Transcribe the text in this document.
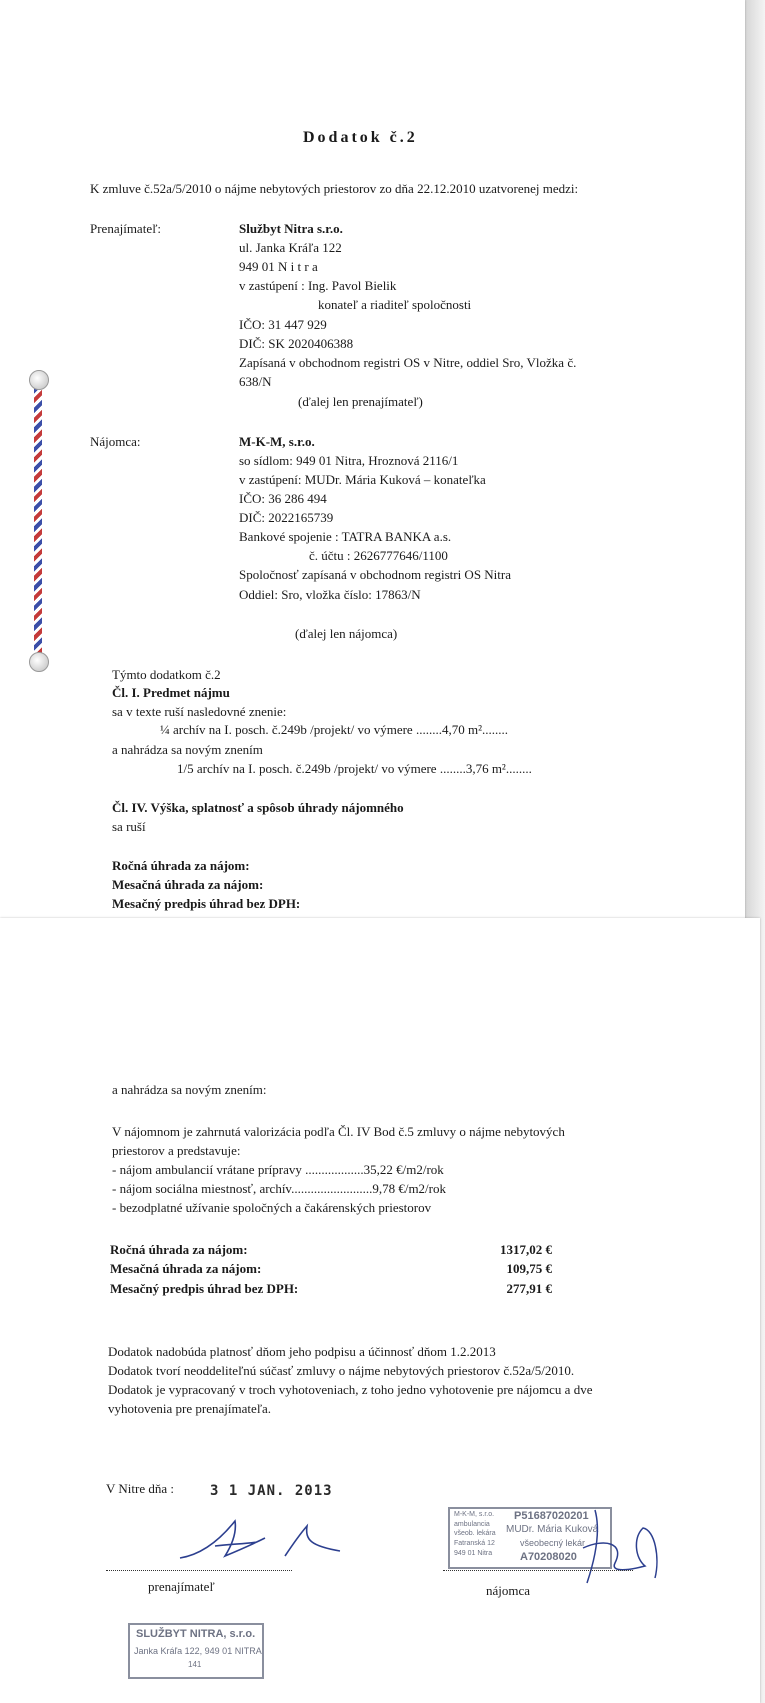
Dodatok č.2
K zmluve č.52a/5/2010 o nájme nebytových priestorov zo dňa 22.12.2010 uzatvorenej medzi:
Prenajímateľ:	Službyt Nitra s.r.o.
ul. Janka Kráľa 122
949 01 N i t r a
v zastúpení : Ing. Pavol Bielik
konateľ a riaditeľ spoločnosti
IČO: 31 447 929
DIČ: SK 2020406388
Zapísaná v obchodnom registri OS v Nitre, oddiel Sro, Vložka č.
638/N
(ďalej len prenajímateľ)
Nájomca:	M-K-M, s.r.o.
so sídlom: 949 01 Nitra, Hroznová 2116/1
v zastúpení: MUDr. Mária Kuková – konateľka
IČO: 36 286 494
DIČ: 2022165739
Bankové spojenie : TATRA BANKA a.s.
č. účtu : 2626777646/1100
Spoločnosť zapísaná v obchodnom registri OS Nitra
Oddiel: Sro, vložka číslo: 17863/N
(ďalej len nájomca)
Týmto dodatkom č.2
Čl. I. Predmet nájmu
sa v texte ruší nasledovné znenie:
¼ archív na I. posch. č.249b /projekt/ vo výmere ........4,70 m²........
a nahrádza sa novým znením
1/5 archív na I. posch. č.249b /projekt/ vo výmere ........3,76 m²........
Čl. IV. Výška, splatnosť a spôsob úhrady nájomného
sa ruší
Ročná úhrada za nájom:
Mesačná úhrada za nájom:
Mesačný predpis úhrad bez DPH:
a nahrádza sa novým znením:
V nájomnom je zahrnutá valorizácia podľa Čl. IV Bod č.5 zmluvy o nájme nebytových
priestorov a predstavuje:
- nájom ambulancií vrátane prípravy ..................35,22 €/m2/rok
- nájom sociálna miestnosť, archív.........................9,78 €/m2/rok
- bezodplatné užívanie spoločných a čakárenských priestorov
Ročná úhrada za nájom:	1317,02 €
Mesačná úhrada za nájom:	109,75 €
Mesačný predpis úhrad bez DPH:	277,91 €
Dodatok nadobúda platnosť dňom jeho podpisu a účinnosť dňom 1.2.2013
Dodatok tvorí neoddeliteľnú súčasť zmluvy o nájme nebytových priestorov č.52a/5/2010.
Dodatok je vypracovaný v troch vyhotoveniach, z toho jedno vyhotovenie pre nájomcu a dve
vyhotovenia pre prenajímateľa.
V Nitre dňa :	3 1 JAN. 2013
prenajímateľ
M-K-M, s.r.o.
ambulancia
všeob. lekára
Fatranská 12
949 01 Nitra
P51687020201
MUDr. Mária Kuková
všeobecný lekár
A70208020
nájomca
SLUŽBYT NITRA, s.r.o.
Janka Kráľa 122, 949 01 NITRA
141
